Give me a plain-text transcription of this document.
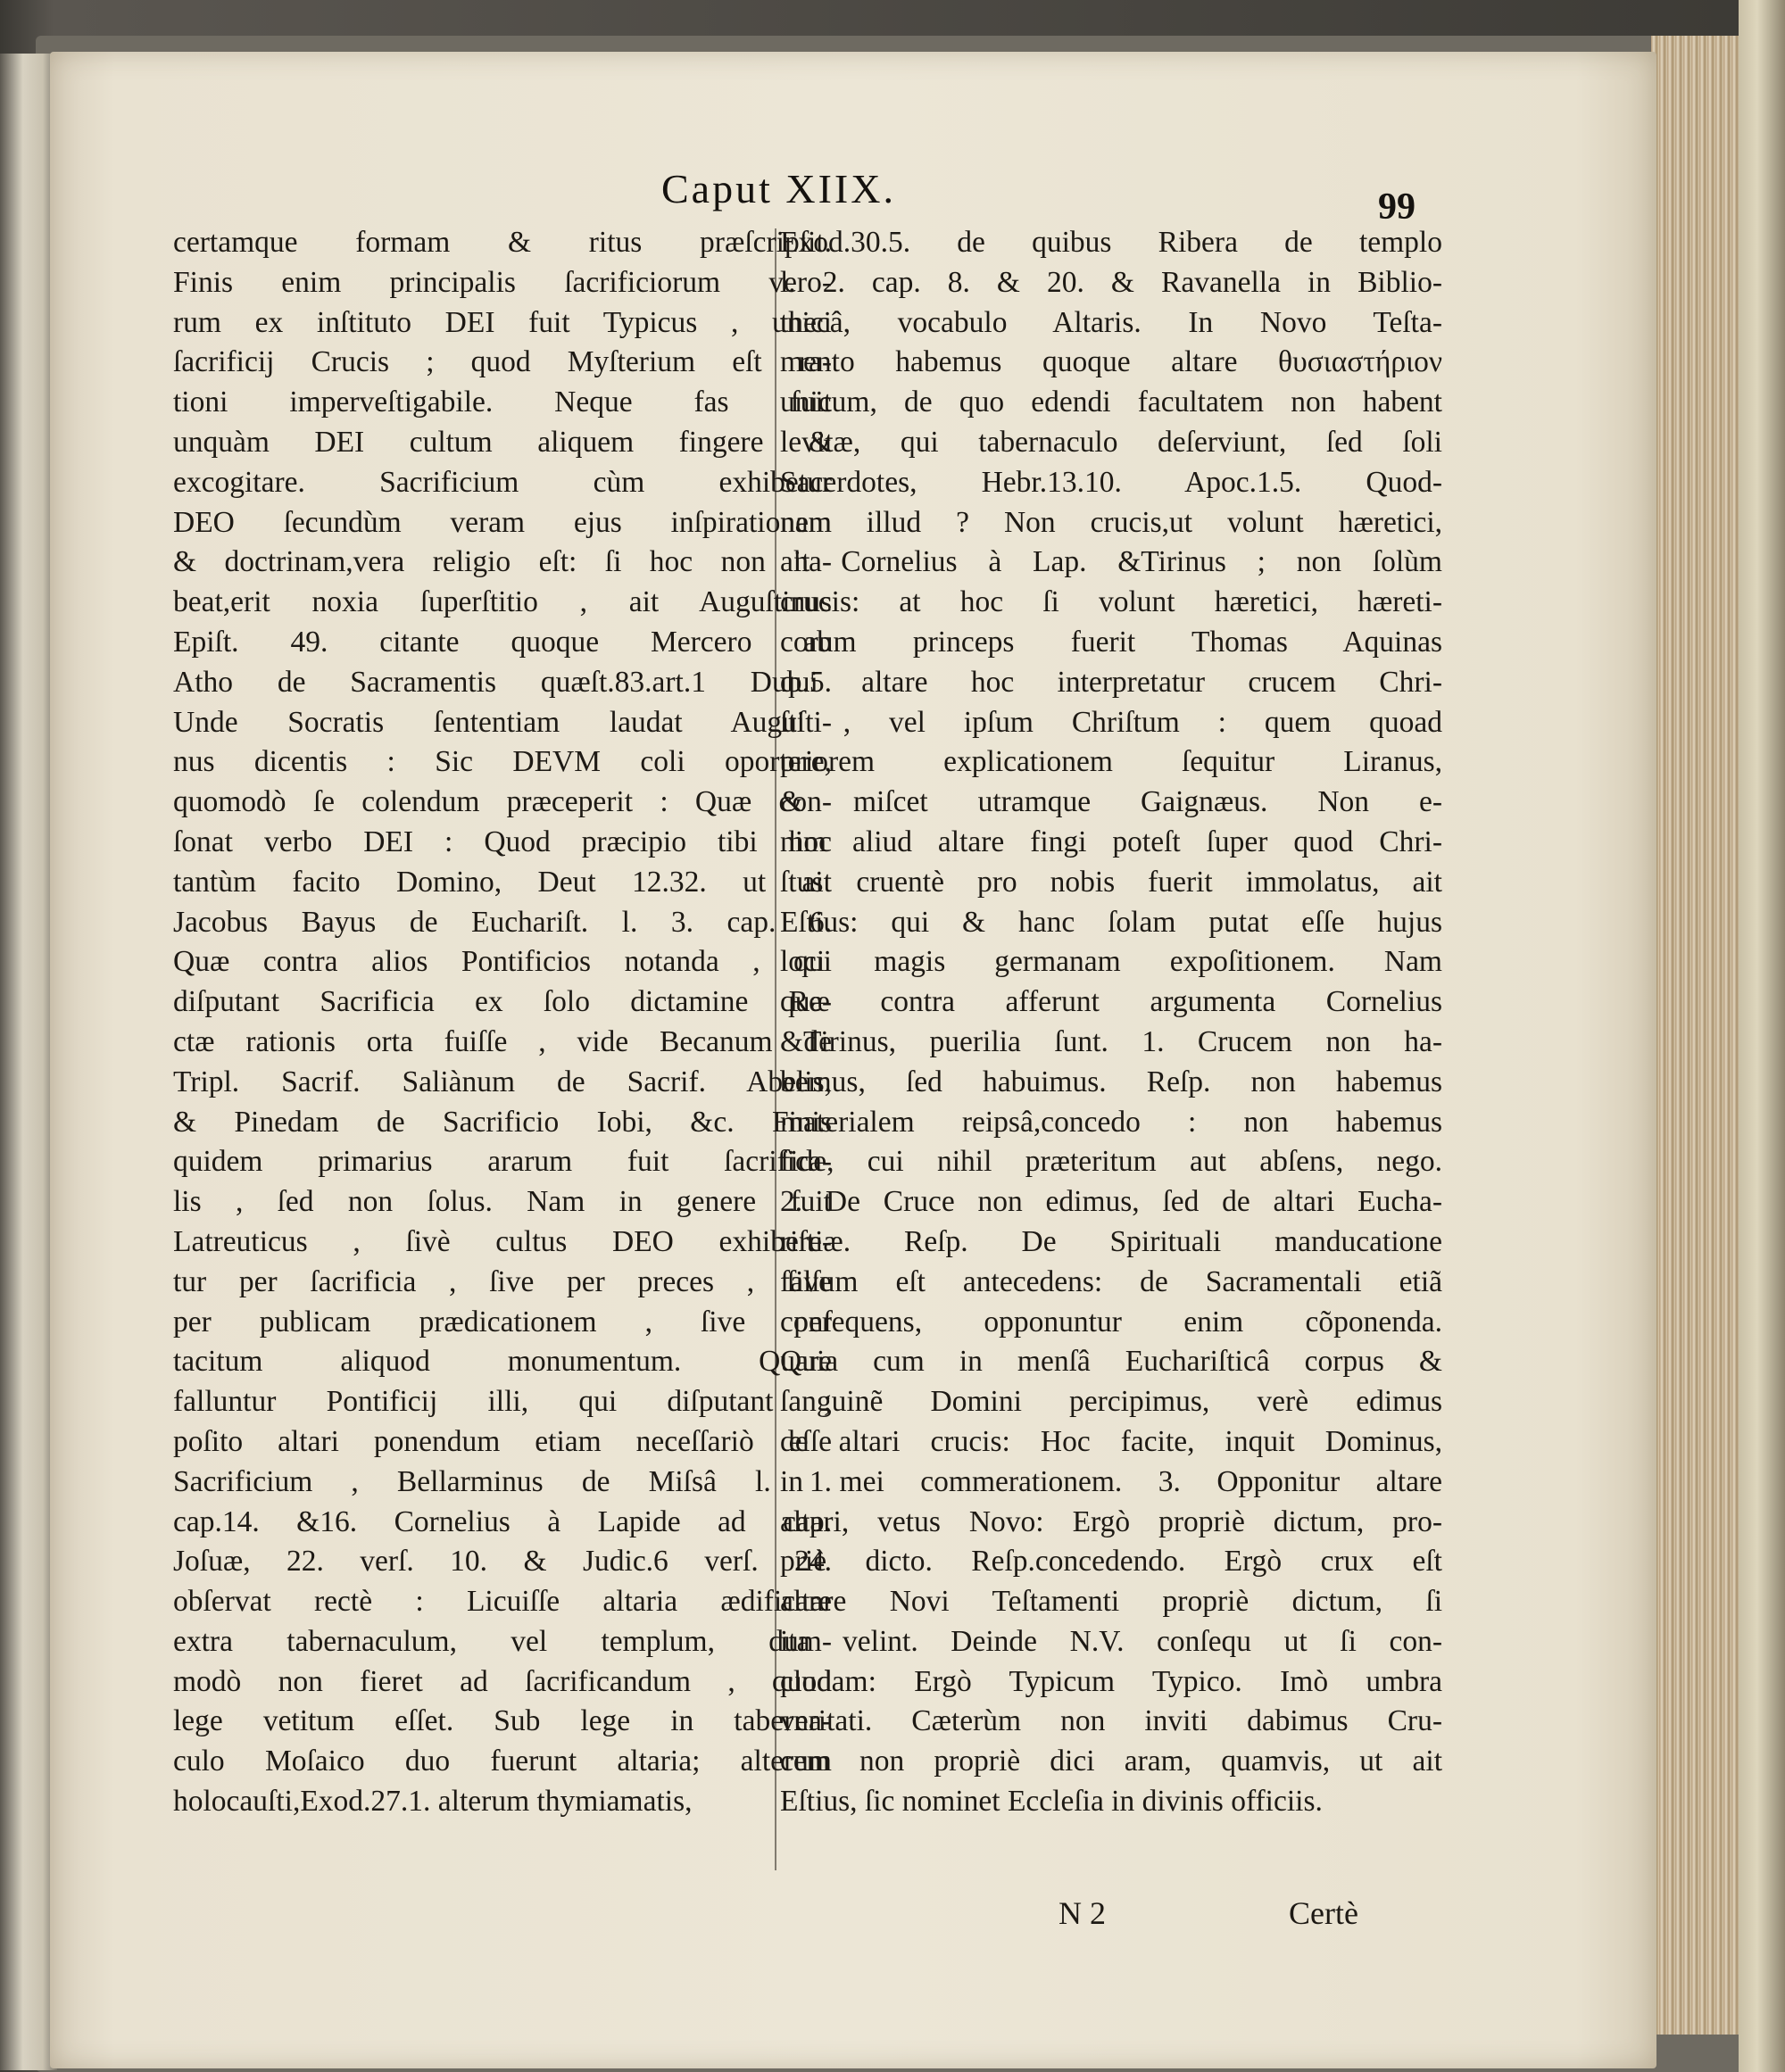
Caput XIIX.	99
certamque formam & ritus præſcripſit.
Finis enim principalis ſacrificiorum vero-
rum ex inſtituto DEI fuit Typicus , unici
ſacrificij Crucis ; quod Myſterium eſt ra-
tioni imperveſtigabile. Neque fas fuit
unquàm DEI cultum aliquem fingere &
excogitare. Sacrificium cùm exhibetur
DEO ſecundùm veram ejus inſpirationem
& doctrinam,vera religio eſt: ſi hoc non ha-
beat,erit noxia ſuperſtitio , ait Auguſtinus
Epiſt. 49. citante quoque Mercero ab
Atho de Sacramentis quæſt.83.art.1 Dub.5.
Unde Socratis ſententiam laudat Auguſti-
nus dicentis : Sic DEVM coli oportere,
quomodò ſe colendum præceperit : Quæ con-
ſonat verbo DEI : Quod præcipio tibi hoc
tantùm facito Domino, Deut 12.32. ut ait
Jacobus Bayus de Euchariſt. l. 3. cap. 6.
Quæ contra alios Pontificios notanda , qui
diſputant Sacrificia ex ſolo dictamine Re-
ctæ rationis orta fuiſſe , vide Becanum de
Tripl. Sacrif. Saliànum de Sacrif. Abelis,
& Pinedam de Sacrificio Iobi, &c. Finis
quidem primarius ararum fuit ſacrifica-
lis , ſed non ſolus. Nam in genere fuit
Latreuticus , ſivè cultus DEO exhibere-
tur per ſacrificia , ſive per preces , ſive
per publicam prædicationem , ſive per
tacitum aliquod monumentum. Quare
falluntur Pontificij illi, qui diſputant ;
poſito altari ponendum etiam neceſſariò eſſe
Sacrificium , Bellarminus de Miſsâ l. 1.
cap.14. &16. Cornelius à Lapide ad cap.
Joſuæ, 22. verſ. 10. & Judic.6 verſ. 24.
obſervat rectè : Licuiſſe altaria ædificare
extra tabernaculum, vel templum, dum-
modò non fieret ad ſacrificandum , quod
lege vetitum eſſet. Sub lege in taberna-
culo Moſaico duo fuerunt altaria; alterum
holocauſti,Exod.27.1. alterum thymiamatis,
Exod.30.5. de quibus Ribera de templo
l. 2. cap. 8. & 20. & Ravanella in Biblio-
thecâ, vocabulo Altaris. In Novo Teſta-
mento habemus quoque altare θυσιαστήριον
unicum, de quo edendi facultatem non habent
levitæ, qui tabernaculo deſerviunt, ſed ſoli
Sacerdotes, Hebr.13.10. Apoc.1.5. Quod-
nam illud ? Non crucis,ut volunt hæretici,
ait Cornelius à Lap. &Tirinus ; non ſolùm
crucis: at hoc ſi volunt hæretici, hæreti-
corum princeps fuerit Thomas Aquinas
qui altare hoc interpretatur crucem Chri-
ſti , vel ipſum Chriſtum : quem quoad
priorem explicationem ſequitur Liranus,
& miſcet utramque Gaignæus. Non e-
nim aliud altare fingi poteſt ſuper quod Chri-
ſtus cruentè pro nobis fuerit immolatus, ait
Eſtius: qui & hanc ſolam putat eſſe hujus
loci magis germanam expoſitionem. Nam
quæ contra afferunt argumenta Cornelius
&Tirinus, puerilia ſunt. 1. Crucem non ha-
bemus, ſed habuimus. Reſp. non habemus
materialem reipsâ,concedo : non habemus
fide, cui nihil præteritum aut abſens, nego.
2. De Cruce non edimus, ſed de altari Eucha-
riſtiæ. Reſp. De Spirituali manducatione
falſum eſt antecedens: de Sacramentali etiã
conſequens, opponuntur enim cõponenda.
Quia cum in menſâ Euchariſticâ corpus &
ſanguinẽ Domini percipimus, verè edimus
de altari crucis: Hoc facite, inquit Dominus,
in mei commerationem. 3. Opponitur altare
altari, vetus Novo: Ergò propriè dictum, pro-
priè dicto. Reſp.concedendo. Ergò crux eſt
altare Novi Teſtamenti propriè dictum, ſi
ita velint. Deinde N.V. conſequ ut ſi con-
cludam: Ergò Typicum Typico. Imò umbra
veritati. Cæterùm non inviti dabimus Cru-
cem non propriè dici aram, quamvis, ut ait
Eſtius, ſic nominet Eccleſia in divinis officiis.
N 2	Certè
